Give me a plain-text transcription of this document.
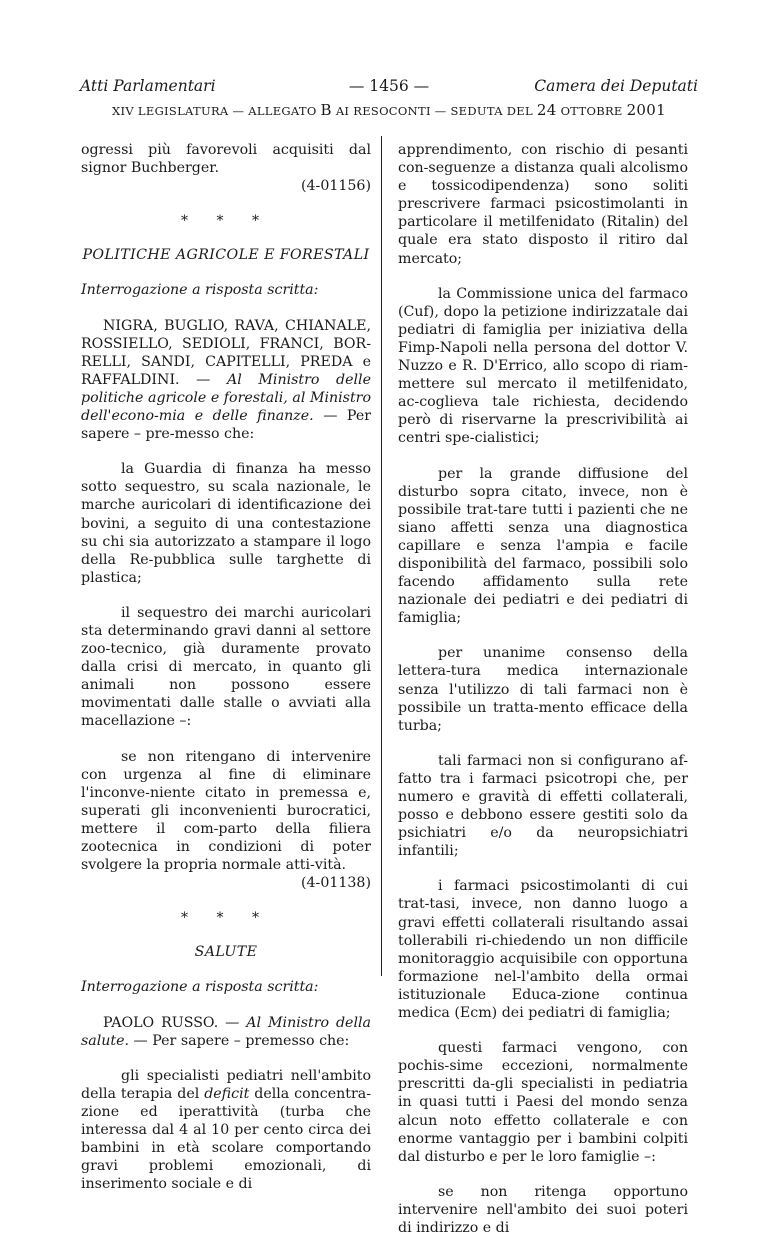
Atti Parlamentari	— 1456 —	Camera dei Deputati
XIV LEGISLATURA — ALLEGATO B AI RESOCONTI — SEDUTA DEL 24 OTTOBRE 2001

ogressi più favorevoli acquisiti dal signor Buchberger.
(4-01156)

* * *
POLITICHE AGRICOLE E FORESTALI
Interrogazione a risposta scritta:

NIGRA, BUGLIO, RAVA, CHIANALE, ROSSIELLO, SEDIOLI, FRANCI, BOR-RELLI, SANDI, CAPITELLI, PREDA e RAFFALDINI. — Al Ministro delle politiche agricole e forestali, al Ministro dell'econo-mia e delle finanze. — Per sapere – pre-messo che:

la Guardia di finanza ha messo sotto sequestro, su scala nazionale, le marche auricolari di identificazione dei bovini, a seguito di una contestazione su chi sia autorizzato a stampare il logo della Re-pubblica sulle targhette di plastica;

il sequestro dei marchi auricolari sta determinando gravi danni al settore zoo-tecnico, già duramente provato dalla crisi di mercato, in quanto gli animali non possono essere movimentati dalle stalle o avviati alla macellazione –:

se non ritengano di intervenire con urgenza al fine di eliminare l'inconve-niente citato in premessa e, superati gli inconvenienti burocratici, mettere il com-parto della filiera zootecnica in condizioni di poter svolgere la propria normale atti-vità.
(4-01138)

* * *
SALUTE
Interrogazione a risposta scritta:

PAOLO RUSSO. — Al Ministro della salute. — Per sapere – premesso che:

gli specialisti pediatri nell'ambito della terapia del deficit della concentra-zione ed iperattività (turba che interessa dal 4 al 10 per cento circa dei bambini in età scolare comportando gravi problemi emozionali, di inserimento sociale e di

apprendimento, con rischio di pesanti con-seguenze a distanza quali alcolismo e tossicodipendenza) sono soliti prescrivere farmaci psicostimolanti in particolare il metilfenidato (Ritalin) del quale era stato disposto il ritiro dal mercato;

la Commissione unica del farmaco (Cuf), dopo la petizione indirizzatale dai pediatri di famiglia per iniziativa della Fimp-Napoli nella persona del dottor V. Nuzzo e R. D'Errico, allo scopo di riam-mettere sul mercato il metilfenidato, ac-coglieva tale richiesta, decidendo però di riservarne la prescrivibilità ai centri spe-cialistici;

per la grande diffusione del disturbo sopra citato, invece, non è possibile trat-tare tutti i pazienti che ne siano affetti senza una diagnostica capillare e senza l'ampia e facile disponibilità del farmaco, possibili solo facendo affidamento sulla rete nazionale dei pediatri e dei pediatri di famiglia;

per unanime consenso della lettera-tura medica internazionale senza l'utilizzo di tali farmaci non è possibile un tratta-mento efficace della turba;

tali farmaci non si configurano af-fatto tra i farmaci psicotropi che, per numero e gravità di effetti collaterali, posso e debbono essere gestiti solo da psichiatri e/o da neuropsichiatri infantili;

i farmaci psicostimolanti di cui trat-tasi, invece, non danno luogo a gravi effetti collaterali risultando assai tollerabili ri-chiedendo un non difficile monitoraggio acquisibile con opportuna formazione nel-l'ambito della ormai istituzionale Educa-zione continua medica (Ecm) dei pediatri di famiglia;

questi farmaci vengono, con pochis-sime eccezioni, normalmente prescritti da-gli specialisti in pediatria in quasi tutti i Paesi del mondo senza alcun noto effetto collaterale e con enorme vantaggio per i bambini colpiti dal disturbo e per le loro famiglie –:

se non ritenga opportuno intervenire nell'ambito dei suoi poteri di indirizzo e di
